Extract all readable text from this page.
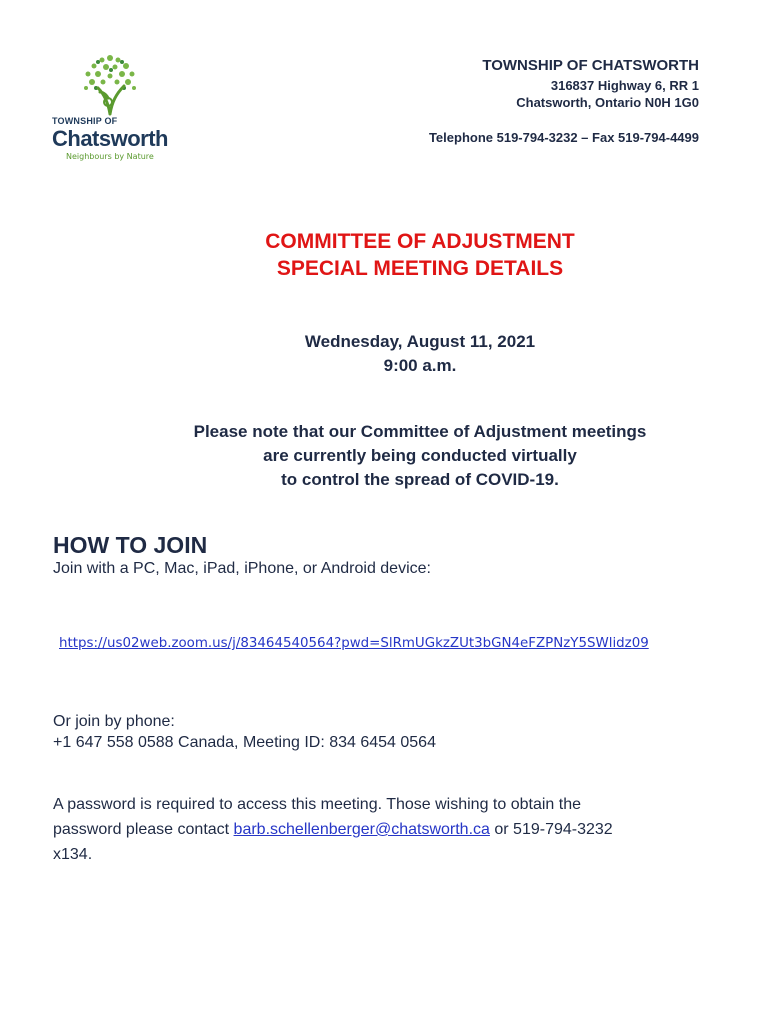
TOWNSHIP OF
Chatsworth
Neighbours by Nature
TOWNSHIP OF CHATSWORTH
316837 Highway 6, RR 1
Chatsworth, Ontario N0H 1G0
Telephone 519-794-3232 – Fax 519-794-4499
COMMITTEE OF ADJUSTMENT
SPECIAL MEETING DETAILS
Wednesday, August 11, 2021
9:00 a.m.
Please note that our Committee of Adjustment meetings
are currently being conducted virtually
to control the spread of COVID-19.
HOW TO JOIN
Join with a PC, Mac, iPad, iPhone, or Android device:
https://us02web.zoom.us/j/83464540564?pwd=SlRmUGkzZUt3bGN4eFZPNzY5SWlidz09
Or join by phone:
+1 647 558 0588 Canada, Meeting ID: 834 6454 0564
A password is required to access this meeting. Those wishing to obtain the
password please contact barb.schellenberger@chatsworth.ca or 519-794-3232
x134.
